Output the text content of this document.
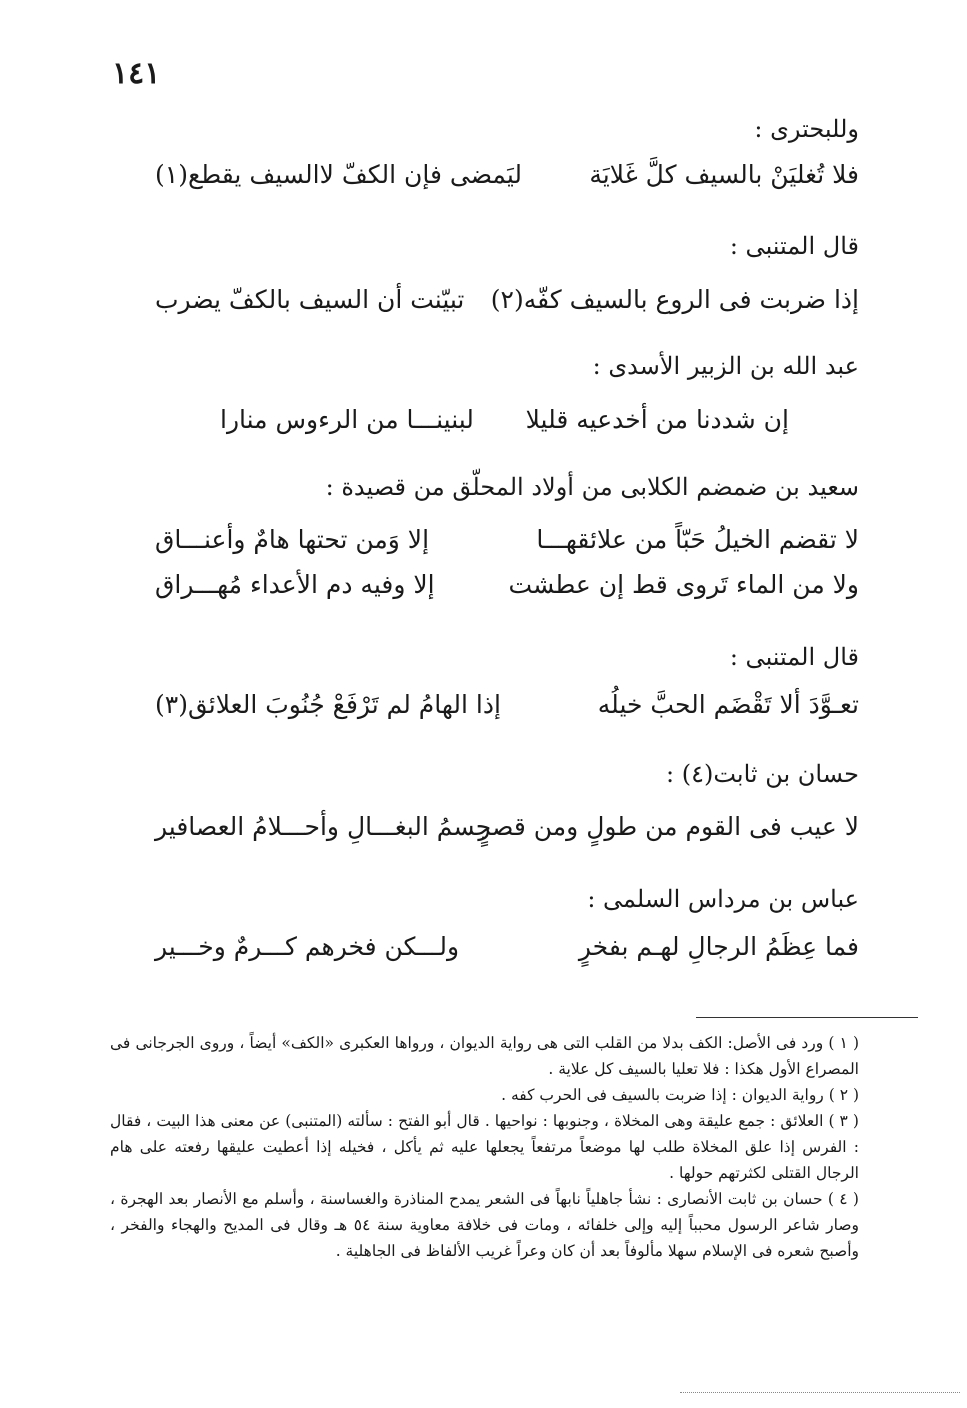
١٤١
وللبحترى :
فلا تُغليَنْ بالسيف كلَّ غَلايَة
ليَمضى فإن الكفّ لاالسيف يقطع(١)
قال المتنبى :
إذا ضربت فى الروع بالسيف كفّه(٢)
تبيّنت أن السيف بالكفّ يضرب
عبد الله بن الزبير الأسدى :
إن شددنا من أخدعيه قليلا
لبنينـــا من الرءوس منارا
سعيد بن ضمضم الكلابى من أولاد المحلّق من قصيدة :
لا تقضم الخيلُ حَبّاً من علائقهـــا
إلا وَمن تحتها هامٌ وأعنـــاق
ولا من الماء تَروى قط إن عطشت
إلا وفيه دم الأعداء مُهـــراق
قال المتنبى :
تعـوَّدَ ألا تَقْضَم الحبَّ خيلُه
إذا الهامُ لم تَرْفَعْ جُنُوبَ العلائق(٣)
حسان بن ثابت(٤) :
لا عيب فى القوم من طولٍ ومن قصرٍ
جسمُ البغـــالِ وأحـــلامُ العصافير
عباس بن مرداس السلمى :
فما عِظَمُ الرجالِ لهـم بفخرٍ
ولـــكن فخرهم كـــرمٌ وخـــير
( ١ ) ورد فى الأصل: الكف بدلا من القلب التى هى رواية الديوان ، ورواها العكبرى «الكف» أيضاً ، وروى الجرجانى فى المصراع الأول هكذا : فلا تعليا بالسيف كل علاية .
( ٢ ) رواية الديوان : إذا ضربت بالسيف فى الحرب كفه .
( ٣ ) العلائق : جمع عليقة وهى المخلاة ، وجنوبها : نواحيها . قال أبو الفتح : سألته (المتنبى) عن معنى هذا البيت ، فقال : الفرس إذا علق المخلاة طلب لها موضعاً مرتفعاً يجعلها عليه ثم يأكل ، فخيله إذا أعطيت عليقها رفعته على هام الرجال القتلى لكثرتهم حولها .
( ٤ ) حسان بن ثابت الأنصارى : نشأ جاهلياً نابهاً فى الشعر يمدح المناذرة والغساسنة ، وأسلم مع الأنصار بعد الهجرة ، وصار شاعر الرسول محبباً إليه وإلى خلفائه ، ومات فى خلافة معاوية سنة ٥٤ هـ وقال فى المديح والهجاء والفخر ، وأصبح شعره فى الإسلام سهلا مألوفاً بعد أن كان وعراً غريب الألفاظ فى الجاهلية .
